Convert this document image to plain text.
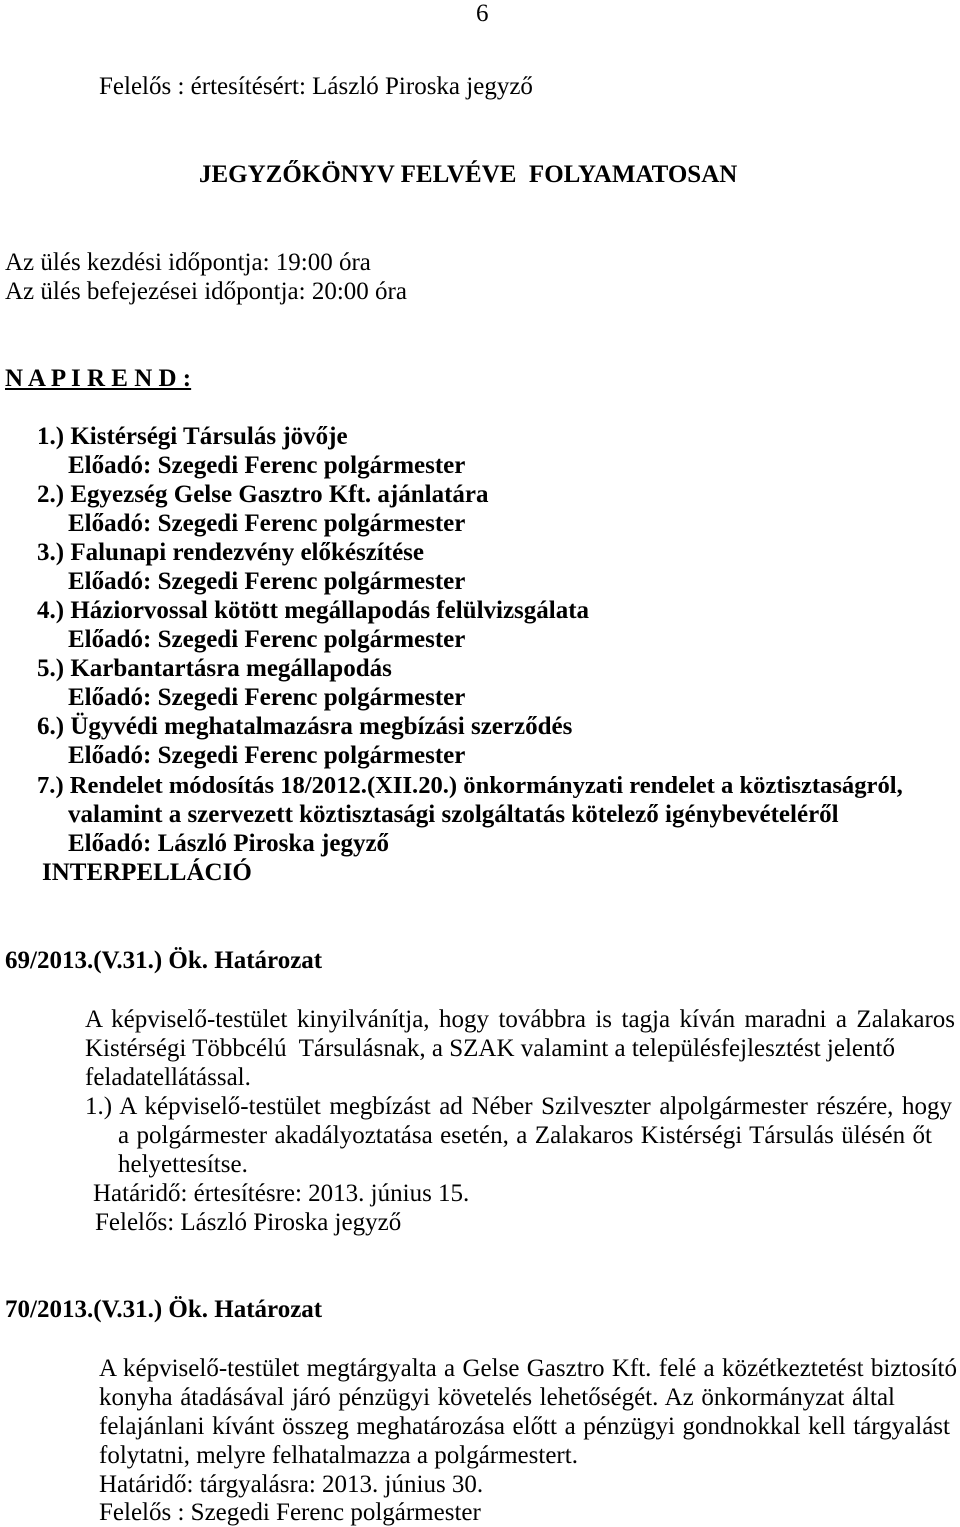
6
Felelős : értesítésért: László Piroska jegyző
JEGYZŐKÖNYV FELVÉVE  FOLYAMATOSAN
Az ülés kezdési időpontja: 19:00 óra
Az ülés befejezései időpontja: 20:00 óra
N A P I R E N D :
1.) Kistérségi Társulás jövője
Előadó: Szegedi Ferenc polgármester
2.) Egyezség Gelse Gasztro Kft. ajánlatára
Előadó: Szegedi Ferenc polgármester
3.) Falunapi rendezvény előkészítése
Előadó: Szegedi Ferenc polgármester
4.) Háziorvossal kötött megállapodás felülvizsgálata
Előadó: Szegedi Ferenc polgármester
5.) Karbantartásra megállapodás
Előadó: Szegedi Ferenc polgármester
6.) Ügyvédi meghatalmazásra megbízási szerződés
Előadó: Szegedi Ferenc polgármester
7.) Rendelet módosítás 18/2012.(XII.20.) önkormányzati rendelet a köztisztaságról,
valamint a szervezett köztisztasági szolgáltatás kötelező igénybevételéről
Előadó: László Piroska jegyző
INTERPELLÁCIÓ
69/2013.(V.31.) Ök. Határozat
A képviselő-testület kinyilvánítja, hogy továbbra is tagja kíván maradni a Zalakaros
Kistérségi Többcélú  Társulásnak, a SZAK valamint a településfejlesztést jelentő
feladatellátással.
1.) A képviselő-testület megbízást ad Néber Szilveszter alpolgármester részére, hogy
a polgármester akadályoztatása esetén, a Zalakaros Kistérségi Társulás ülésén őt
helyettesítse.
Határidő: értesítésre: 2013. június 15.
Felelős: László Piroska jegyző
70/2013.(V.31.) Ök. Határozat
A képviselő-testület megtárgyalta a Gelse Gasztro Kft. felé a közétkeztetést biztosító
konyha átadásával járó pénzügyi követelés lehetőségét. Az önkormányzat által
felajánlani kívánt összeg meghatározása előtt a pénzügyi gondnokkal kell tárgyalást
folytatni, melyre felhatalmazza a polgármestert.
Határidő: tárgyalásra: 2013. június 30.
Felelős : Szegedi Ferenc polgármester
